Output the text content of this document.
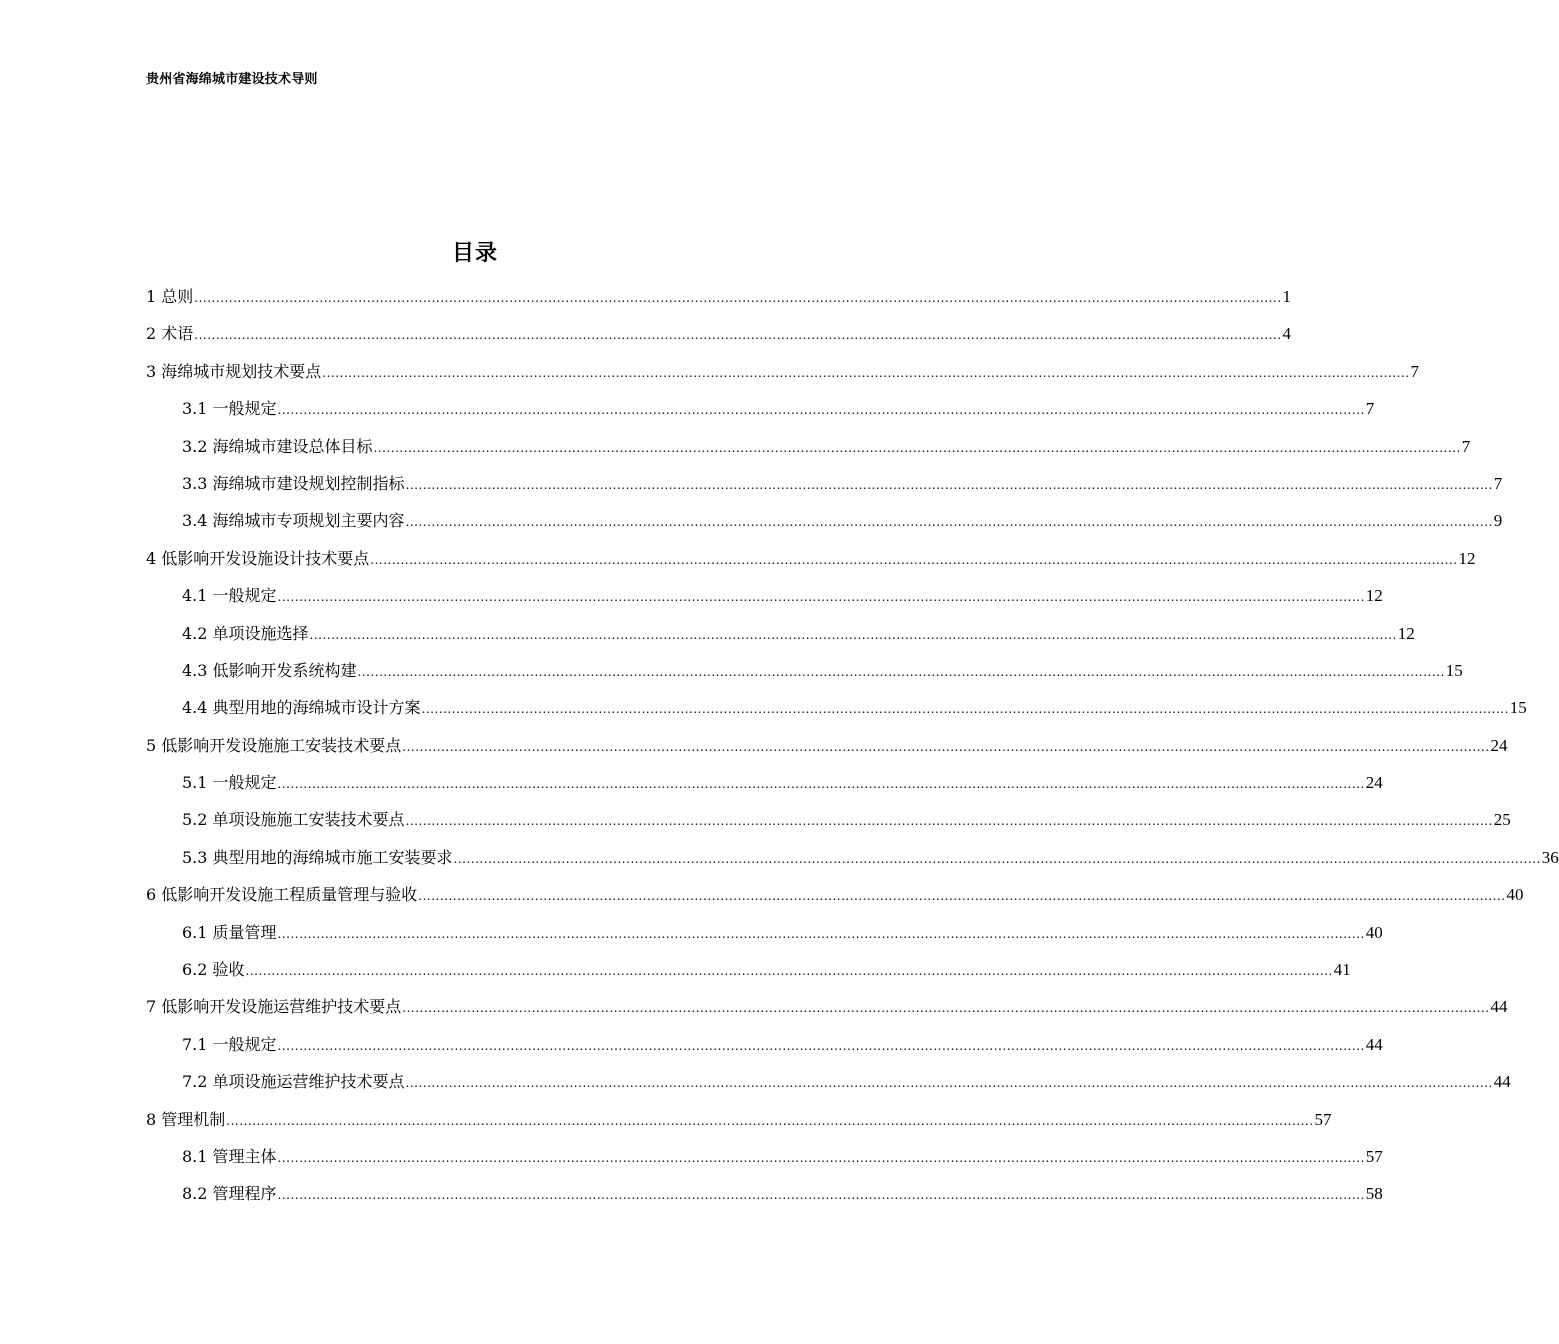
贵州省海绵城市建设技术导则
目录
1 总则 ............................................................................................................................................................................................................................................................ 1
2 术语 ............................................................................................................................................................................................................................................................ 4
3 海绵城市规划技术要点 ............................................................................................................................................................................................................................................................ 7
3.1 一般规定 ............................................................................................................................................................................................................................................................ 7
3.2 海绵城市建设总体目标 ............................................................................................................................................................................................................................................................ 7
3.3 海绵城市建设规划控制指标 ............................................................................................................................................................................................................................................................ 7
3.4 海绵城市专项规划主要内容 ............................................................................................................................................................................................................................................................ 9
4 低影响开发设施设计技术要点 ............................................................................................................................................................................................................................................................ 12
4.1 一般规定 ............................................................................................................................................................................................................................................................ 12
4.2 单项设施选择 ............................................................................................................................................................................................................................................................ 12
4.3 低影响开发系统构建 ............................................................................................................................................................................................................................................................ 15
4.4 典型用地的海绵城市设计方案 ............................................................................................................................................................................................................................................................ 15
5 低影响开发设施施工安装技术要点 ............................................................................................................................................................................................................................................................ 24
5.1 一般规定 ............................................................................................................................................................................................................................................................ 24
5.2 单项设施施工安装技术要点 ............................................................................................................................................................................................................................................................ 25
5.3 典型用地的海绵城市施工安装要求 ............................................................................................................................................................................................................................................................ 36
6 低影响开发设施工程质量管理与验收 ............................................................................................................................................................................................................................................................ 40
6.1 质量管理 ............................................................................................................................................................................................................................................................ 40
6.2 验收 ............................................................................................................................................................................................................................................................ 41
7 低影响开发设施运营维护技术要点 ............................................................................................................................................................................................................................................................ 44
7.1 一般规定 ............................................................................................................................................................................................................................................................ 44
7.2 单项设施运营维护技术要点 ............................................................................................................................................................................................................................................................ 44
8 管理机制 ............................................................................................................................................................................................................................................................ 57
8.1 管理主体 ............................................................................................................................................................................................................................................................ 57
8.2 管理程序 ............................................................................................................................................................................................................................................................ 58
